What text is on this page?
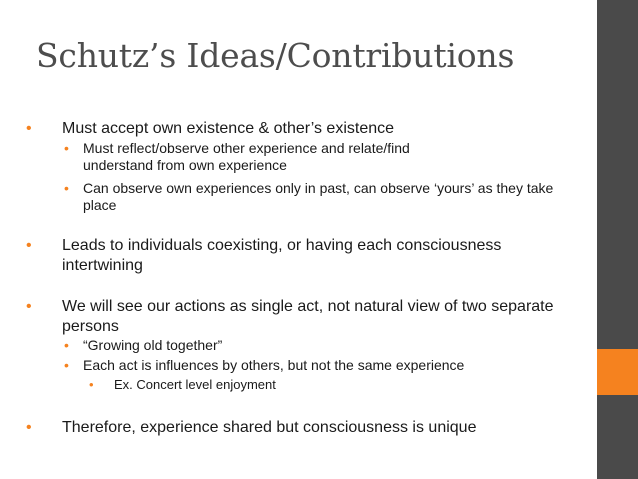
Schutz’s Ideas/Contributions
•	Must accept own existence & other’s existence
•	Must reflect/observe other experience and relate/find understand from own experience
•	Can observe own experiences only in past, can observe ‘yours’ as they take place
•	Leads to individuals coexisting, or having each consciousness intertwining
•	We will see our actions as single act, not natural view of two separate persons
•	“Growing old together”
•	Each act is influences by others, but not the same experience
•	Ex. Concert level enjoyment
•	Therefore, experience shared but consciousness is unique
